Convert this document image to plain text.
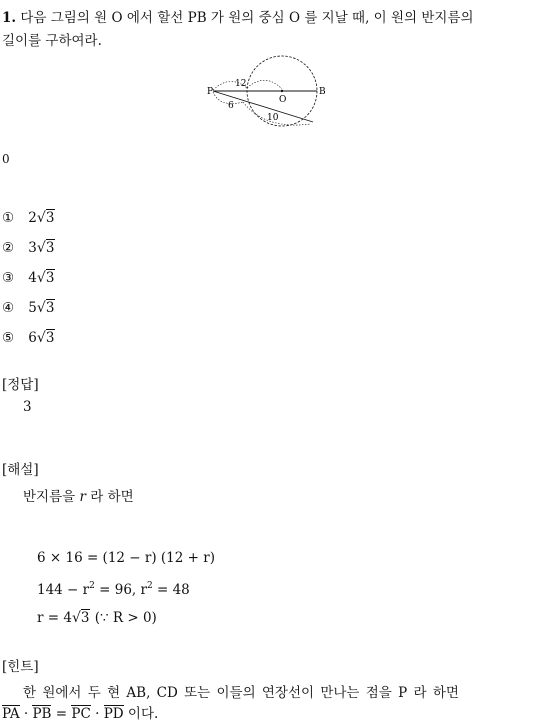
1. 다음 그림의 원 O 에서 할선 PB 가 원의 중심 O 를 지날 때, 이 원의 반지름의
길이를 구하여라.
P
O
B
12
6
10
0
① 2√3
② 3√3
③ 4√3
④ 5√3
⑤ 6√3
[정답]
3
[해설]
반지름을 r 라 하면
6 × 16 = (12 − r) (12 + r)
$144 - r^2 = 96$, $r^2 = 48$
r = 4√3 (∵ R > 0)
[힌트]
한 원에서 두 현 AB, CD 또는 이들의 연장선이 만나는 점을 P 라 하면
PA · PB = PC · PD 이다.
